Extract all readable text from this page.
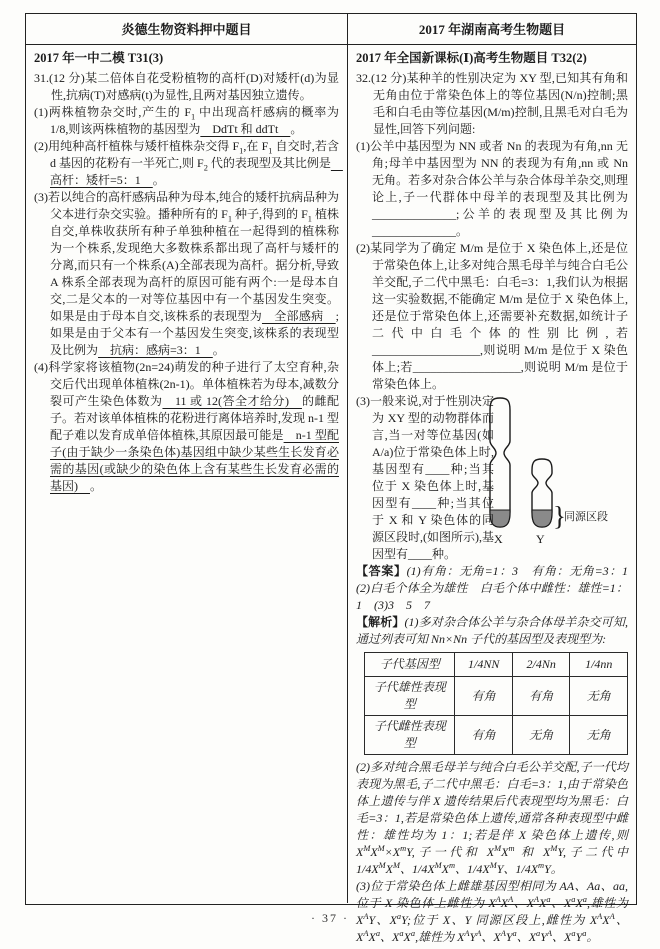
炎德生物资料押中题目	2017 年湖南高考生物题目
2017 年一中二模 T31(3)

31.(12 分)某二倍体自花受粉植物的高杆(D)对矮杆(d)为显性,抗病(T)对感病(t)为显性,且两对基因独立遗传。

(1)两株植物杂交时,产生的 $F_1$ 中出现高杆感病的概率为 1/8,则该两株植物的基因型为　DdTt 和 ddTt　。

(2)用纯种高杆植株与矮杆植株杂交得 $F_1$,在 $F_1$ 自交时,若含 d 基因的花粉有一半死亡,则 $F_2$ 代的表现型及其比例是　高杆：矮杆=5：1　。

(3)若以纯合的高杆感病品种为母本,纯合的矮杆抗病品种为父本进行杂交实验。播种所有的 $F_1$ 种子,得到的 $F_1$ 植株自交,单株收获所有种子单独种植在一起得到的植株称为一个株系,发现绝大多数株系都出现了高杆与矮杆的分离,而只有一个株系(A)全部表现为高杆。据分析,导致 A 株系全部表现为高杆的原因可能有两个:一是母本自交,二是父本的一对等位基因中有一个基因发生突变。如果是由于母本自交,该株系的表现型为　全部感病　;如果是由于父本有一个基因发生突变,该株系的表现型及比例为　抗病：感病=3：1　。

(4)科学家将该植物(2n=24)萌发的种子进行了太空育种,杂交后代出现单体植株(2n-1)。单体植株若为母本,减数分裂可产生染色体数为　11 或 12(答全才给分)　的雌配子。若对该单体植株的花粉进行离体培养时,发现 n-1 型配子难以发育成单倍体植株,其原因最可能是　n-1 型配子(由于缺少一条染色体)基因组中缺少某些生长发育必需的基因(或缺少的染色体上含有某些生长发育必需的基因)　。

2017 年全国新课标(Ⅰ)高考生物题目 T32(2)

32.(12 分)某种羊的性别决定为 XY 型,已知其有角和无角由位于常染色体上的等位基因(N/n)控制;黑毛和白毛由等位基因(M/m)控制,且黑毛对白毛为显性,回答下列问题:

(1)公羊中基因型为 NN 或者 Nn 的表现为有角,nn 无角;母羊中基因型为 NN 的表现为有角,nn 或 Nn 无角。若多对杂合体公羊与杂合体母羊杂交,则理论上,子一代群体中母羊的表现型及其比例为______________;公羊的表现型及其比例为______________。

(2)某同学为了确定 M/m 是位于 X 染色体上,还是位于常染色体上,让多对纯合黑毛母羊与纯合白毛公羊交配,子二代中黑毛：白毛=3：1,我们认为根据这一实验数据,不能确定 M/m 是位于 X 染色体上,还是位于常染色体上,还需要补充数据,如统计子二代中白毛个体的性别比例,若__________________,则说明 M/m 是位于 X 染色体上;若__________________,则说明 M/m 是位于常染色体上。

}
同源区段
X	Y
(3)一般来说,对于性别决定为 XY 型的动物群体而言,当一对等位基因(如 A/a)位于常染色体上时,基因型有____种;当其位于 X 染色体上时,基因型有____种;当其位于 X 和 Y 染色体的同源区段时,(如图所示),基因型有____种。

【答案】(1)有角：无角=1：3　有角：无角=3：1　(2)白毛个体全为雄性　白毛个体中雌性：雄性=1：1　(3)3　5　7

【解析】(1)多对杂合体公羊与杂合体母羊杂交可知,通过列表可知 Nn×Nn 子代的基因型及表现型为:

子代基因型	1/4NN	2/4Nn	1/4nn
子代雄性表现型	有角	有角	无角
子代雌性表现型	有角	无角	无角

(2)多对纯合黑毛母羊与纯合白毛公羊交配,子一代均表现为黑毛,子二代中黑毛：白毛=3：1,由于常染色体上遗传与伴 X 遗传结果后代表现型均为黑毛：白毛=3：1,若是常染色体上遗传,通常各种表现型中雌性：雄性均为 1：1;若是伴 X 染色体上遗传,则 $X^MX^M\times X^mY$,子一代和 $X^MX^m$ 和 $X^MY$,子二代中 $1/4X^MX^M$、$1/4X^MX^m$、$1/4X^MY$、$1/4X^mY$。

(3)位于常染色体上雌雄基因型相同为 AA、Aa、aa,位于 X 染色体上雌性为 $X^AX^A$、$X^AX^a$、$X^aX^a$,雄性为 $X^AY$、$X^aY$;位于 X、Y 同源区段上,雌性为 $X^AX^A$、$X^AX^a$、$X^aX^a$,雄性为 $X^AY^A$、$X^AY^a$、$X^aY^A$、$X^aY^a$。

· 37 ·
